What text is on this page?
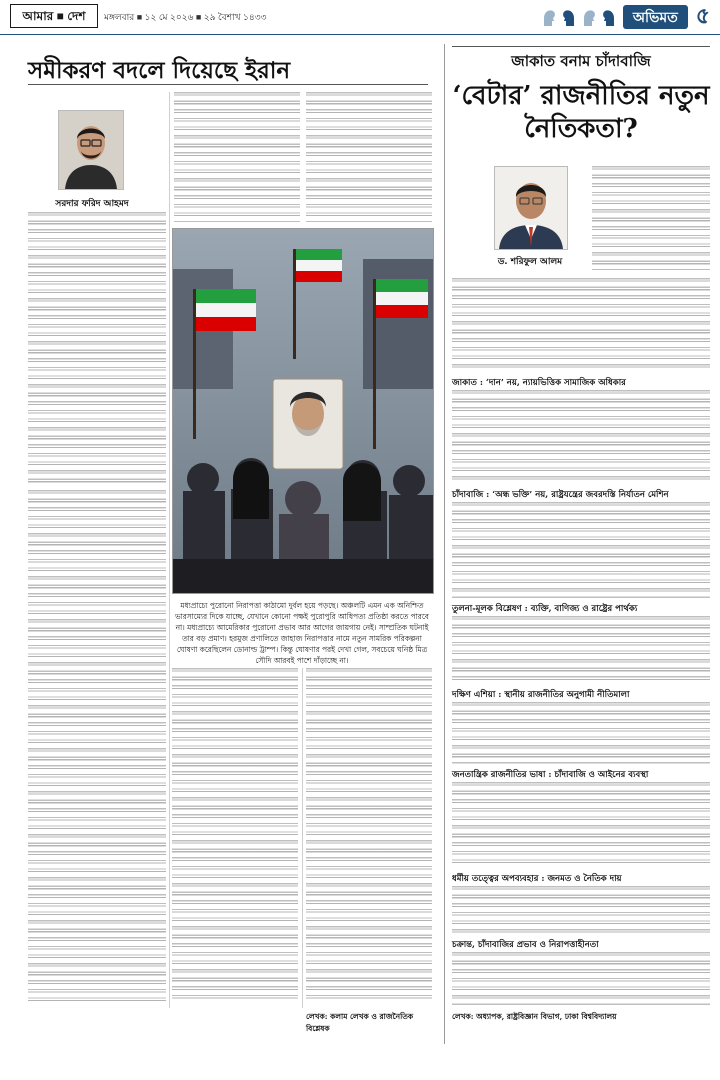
আমার ■ দেশ	মঙ্গলবার ■ ১২ মে ২০২৬ ■ ২৯ বৈশাখ ১৪৩৩	অভিমত ৫
সমীকরণ বদলে দিয়েছে ইরান
সরদার ফরিদ আহমদ

মধ্যপ্রাচ্যে পুরোনো নিরাপত্তা কাঠামো দুর্বল হয়ে পড়ছে। অঞ্চলটি এমন এক অনিশ্চিত ভারসাম্যের দিকে যাচ্ছে, যেখানে কোনো পক্ষই পুরোপুরি আধিপত্য প্রতিষ্ঠা করতে পারবে না। মধ্যপ্রাচ্যে আমেরিকার পুরোনো প্রভাব আর আগের জায়গায় নেই। সাম্প্রতিক ঘটনাই তার বড় প্রমাণ। হরমুজ প্রণালিতে জাহাজ নিরাপত্তার নামে নতুন সামরিক পরিকল্পনা ঘোষণা করেছিলেন ডোনাল্ড ট্রাম্প। কিন্তু ঘোষণার পরই দেখা গেল, সবচেয়ে ঘনিষ্ঠ মিত্র সৌদি আরবই পাশে দাঁড়াচ্ছে না।

লেখক: কলাম লেখক ও রাজনৈতিক বিশ্লেষক

জাকাত বনাম চাঁদাবাজি
‘বেটার’ রাজনীতির নতুন নৈতিকতা?
ড. শরিফুল আলম

জাকাত : ‘দান’ নয়, ন্যায়ভিত্তিক সামাজিক অধিকার

চাঁদাবাজি : ‘অন্ধ ভক্তি’ নয়, রাষ্ট্রযন্ত্রের জবরদস্তি নির্যাতন মেশিন

তুলনা-মূলক বিশ্লেষণ : ব্যক্তি, বাণিজ্য ও রাষ্ট্রের পার্থক্য

দক্ষিণ এশিয়া : স্থানীয় রাজনীতির অনুগামী নীতিমালা

জনতান্ত্রিক রাজনীতির ভাষা : চাঁদাবাজি ও আইনের ব্যবস্থা

ধর্মীয় তত্ত্বের অপব্যবহার : জনমত ও নৈতিক দায়

চক্রান্ত, চাঁদাবাজির প্রভাব ও নিরাপত্তাহীনতা

লেখক: অধ্যাপক, রাষ্ট্রবিজ্ঞান বিভাগ, ঢাকা বিশ্ববিদ্যালয়
